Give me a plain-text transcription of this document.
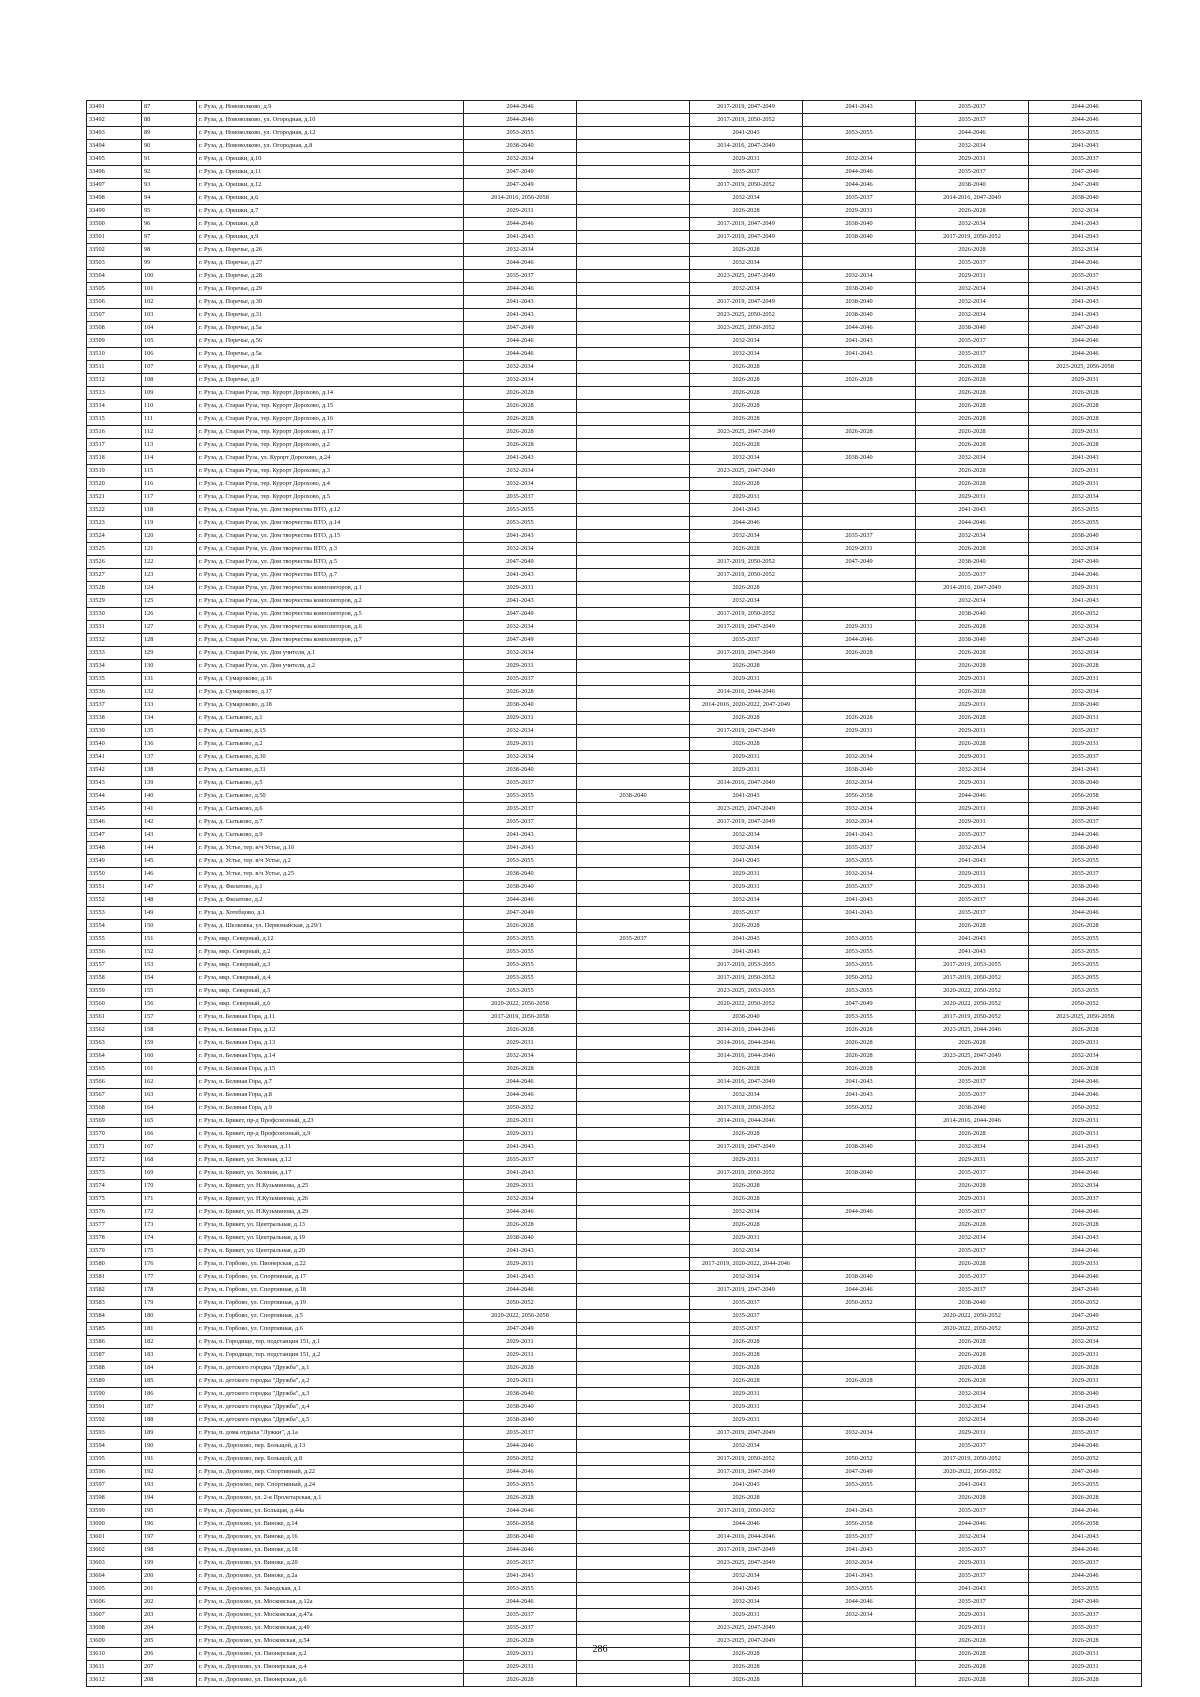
33491	87	г. Руза, д. Нововолково, д.9	2044-2046		2017-2019, 2047-2049	2041-2043	2035-2037	2044-2046
33492	88	г. Руза, д. Нововолково, ул. Огородная, д.10	2044-2046		2017-2019, 2050-2052		2035-2037	2044-2046
33493	89	г. Руза, д. Нововолково, ул. Огородная, д.12	2053-2055		2041-2043	2053-2055	2044-2046	2053-2055
33494	90	г. Руза, д. Нововолково, ул. Огородная, д.8	2038-2040		2014-2016, 2047-2049		2032-2034	2041-2043
33495	91	г. Руза, д. Орешки, д.10	2032-2034		2029-2031	2032-2034	2029-2031	2035-2037
33496	92	г. Руза, д. Орешки, д.11	2047-2049		2035-2037	2044-2046	2035-2037	2047-2049
33497	93	г. Руза, д. Орешки, д.12	2047-2049		2017-2019, 2050-2052	2044-2046	2038-2040	2047-2049
33498	94	г. Руза, д. Орешки, д.6	2014-2016, 2056-2058		2032-2034	2035-2037	2014-2016, 2047-2049	2038-2040
33499	95	г. Руза, д. Орешки, д.7	2029-2031		2026-2028	2029-2031	2026-2028	2032-2034
33500	96	г. Руза, д. Орешки, д.8	2044-2046		2017-2019, 2047-2049	2038-2040	2032-2034	2041-2043
33501	97	г. Руза, д. Орешки, д.9	2041-2043		2017-2019, 2047-2049	2038-2040	2017-2019, 2050-2052	2041-2043
33502	98	г. Руза, д. Поречье, д.26	2032-2034		2026-2028		2026-2028	2032-2034
33503	99	г. Руза, д. Поречье, д.27	2044-2046		2032-2034		2035-2037	2044-2046
33504	100	г. Руза, д. Поречье, д.28	2035-2037		2023-2025, 2047-2049	2032-2034	2029-2031	2035-2037
33505	101	г. Руза, д. Поречье, д.29	2044-2046		2032-2034	2038-2040	2032-2034	2041-2043
33506	102	г. Руза, д. Поречье, д.30	2041-2043		2017-2019, 2047-2049	2038-2040	2032-2034	2041-2043
33507	103	г. Руза, д. Поречье, д.31	2041-2043		2023-2025, 2050-2052	2038-2040	2032-2034	2041-2043
33508	104	г. Руза, д. Поречье, д.5а	2047-2049		2023-2025, 2050-2052	2044-2046	2038-2040	2047-2049
33509	105	г. Руза, д. Поречье, д.56	2044-2046		2032-2034	2041-2043	2035-2037	2044-2046
33510	106	г. Руза, д. Поречье, д.5а	2044-2046		2032-2034	2041-2043	2035-2037	2044-2046
33511	107	г. Руза, д. Поречье, д.8	2032-2034		2026-2028		2026-2028	2023-2025, 2056-2058
33512	108	г. Руза, д. Поречье, д.9	2032-2034		2026-2028	2026-2028	2026-2028	2029-2031
33513	109	г. Руза, д. Старая Руза, тер. Курорт Дорохово, д.14	2026-2028		2026-2028		2026-2028	2026-2028
33514	110	г. Руза, д. Старая Руза, тер. Курорт Дорохово, д.15	2026-2028		2026-2028		2026-2028	2026-2028
33515	111	г. Руза, д. Старая Руза, тер. Курорт Дорохово, д.16	2026-2028		2026-2028		2026-2028	2026-2028
33516	112	г. Руза, д. Старая Руза, тер. Курорт Дорохово, д.17	2026-2028		2023-2025, 2047-2049	2026-2028	2026-2028	2029-2031
33517	113	г. Руза, д. Старая Руза, тер. Курорт Дорохово, д.2	2026-2028		2026-2028		2026-2028	2026-2028
33518	114	г. Руза, д. Старая Руза, ул. Курорт Дорохово, д.24	2041-2043		2032-2034	2038-2040	2032-2034	2041-2043
33519	115	г. Руза, д. Старая Руза, тер. Курорт Дорохово, д.3	2032-2034		2023-2025, 2047-2049		2026-2028	2029-2031
33520	116	г. Руза, д. Старая Руза, тер. Курорт Дорохово, д.4	2032-2034		2026-2028		2026-2028	2029-2031
33521	117	г. Руза, д. Старая Руза, тер. Курорт Дорохово, д.5	2035-2037		2029-2031		2029-2031	2032-2034
33522	118	г. Руза, д. Старая Руза, ул. Дом творчества ВТО, д.12	2053-2055		2041-2043		2041-2043	2053-2055
33523	119	г. Руза, д. Старая Руза, ул. Дом творчества ВТО, д.14	2053-2055		2044-2046		2044-2046	2053-2055
33524	120	г. Руза, д. Старая Руза, ул. Дом творчества ВТО, д.15	2041-2043		2032-2034	2035-2037	2032-2034	2038-2040
33525	121	г. Руза, д. Старая Руза, ул. Дом творчества ВТО, д.3	2032-2034		2026-2028	2029-2031	2026-2028	2032-2034
33526	122	г. Руза, д. Старая Руза, ул. Дом творчества ВТО, д.5	2047-2049		2017-2019, 2050-2052	2047-2049	2038-2040	2047-2049
33527	123	г. Руза, д. Старая Руза, ул. Дом творчества ВТО, д.7	2041-2043		2017-2019, 2050-2052		2035-2037	2044-2046
33528	124	г. Руза, д. Старая Руза, ул. Дом творчества композиторов, д.1	2029-2031		2026-2028		2014-2016, 2047-2049	2029-2031
33529	125	г. Руза, д. Старая Руза, ул. Дом творчества композиторов, д.2	2041-2043		2032-2034		2032-2034	2041-2043
33530	126	г. Руза, д. Старая Руза, ул. Дом творчества композиторов, д.5	2047-2049		2017-2019, 2050-2052		2038-2040	2050-2052
33531	127	г. Руза, д. Старая Руза, ул. Дом творчества композиторов, д.6	2032-2034		2017-2019, 2047-2049	2029-2031	2026-2028	2032-2034
33532	128	г. Руза, д. Старая Руза, ул. Дом творчества композиторов, д.7	2047-2049		2035-2037	2044-2046	2038-2040	2047-2049
33533	129	г. Руза, д. Старая Руза, ул. Дом учителя, д.1	2032-2034		2017-2019, 2047-2049	2026-2028	2026-2028	2032-2034
33534	130	г. Руза, д. Старая Руза, ул. Дом учителя, д.2	2029-2031		2026-2028		2026-2028	2026-2028
33535	131	г. Руза, д. Сумароково, д.16	2035-2037		2029-2031		2029-2031	2029-2031
33536	132	г. Руза, д. Сумароково, д.17	2026-2028		2014-2016, 2044-2046		2026-2028	2032-2034
33537	133	г. Руза, д. Сумароково, д.18	2038-2040		2014-2016, 2020-2022, 2047-2049		2029-2031	2038-2040
33538	134	г. Руза, д. Сытьково, д.1	2029-2031		2026-2028	2026-2028	2026-2028	2029-2031
33539	135	г. Руза, д. Сытьково, д.15	2032-2034		2017-2019, 2047-2049	2029-2031	2029-2031	2035-2037
33540	136	г. Руза, д. Сытьково, д.2	2029-2031		2026-2028		2026-2028	2029-2031
33541	137	г. Руза, д. Сытьково, д.30	2032-2034		2029-2031	2032-2034	2029-2031	2035-2037
33542	138	г. Руза, д. Сытьково, д.31	2038-2040		2029-2031	2038-2040	2032-2034	2041-2043
33543	139	г. Руза, д. Сытьково, д.5	2035-2037		2014-2016, 2047-2049	2032-2034	2029-2031	2038-2040
33544	140	г. Руза, д. Сытьково, д.50	2053-2055	2038-2040	2041-2043	2056-2058	2044-2046	2056-2058
33545	141	г. Руза, д. Сытьково, д.6	2035-2037		2023-2025, 2047-2049	2032-2034	2029-2031	2038-2040
33546	142	г. Руза, д. Сытьково, д.7	2035-2037		2017-2019, 2047-2049	2032-2034	2029-2031	2035-2037
33547	143	г. Руза, д. Сытьково, д.9	2041-2043		2032-2034	2041-2043	2035-2037	2044-2046
33548	144	г. Руза, д. Устье, тер. в/ч Устье, д.10	2041-2043		2032-2034	2035-2037	2032-2034	2038-2040
33549	145	г. Руза, д. Устье, тер. в/ч Устье, д.2	2053-2055		2041-2043	2053-2055	2041-2043	2053-2055
33550	146	г. Руза, д. Устье, тер. в/ч Устье, д.25	2038-2040		2029-2031	2032-2034	2029-2031	2035-2037
33551	147	г. Руза, д. Филатово, д.1	2038-2040		2029-2031	2035-2037	2029-2031	2038-2040
33552	148	г. Руза, д. Филатово, д.2	2044-2046		2032-2034	2041-2043	2035-2037	2044-2046
33553	149	г. Руза, д. Хотебцово, д.1	2047-2049		2035-2037	2041-2043	2035-2037	2044-2046
33554	150	г. Руза, д. Шелковка, ул. Первомайская, д.29/1	2026-2028		2026-2028		2026-2028	2026-2028
33555	151	г. Руза, мкр. Северный, д.12	2053-2055	2035-2037	2041-2043	2053-2055	2041-2043	2053-2055
33556	152	г. Руза, мкр. Северный, д.2	2053-2055		2041-2043	2053-2055	2041-2043	2053-2055
33557	153	г. Руза, мкр. Северный, д.3	2053-2055		2017-2019, 2053-2055	2053-2055	2017-2019, 2053-2055	2053-2055
33558	154	г. Руза, мкр. Северный, д.4	2053-2055		2017-2019, 2050-2052	2050-2052	2017-2019, 2050-2052	2053-2055
33559	155	г. Руза, мкр. Северный, д.5	2053-2055		2023-2025, 2053-2055	2053-2055	2020-2022, 2050-2052	2053-2055
33560	156	г. Руза, мкр. Северный, д.6	2020-2022, 2056-2058		2020-2022, 2050-2052	2047-2049	2020-2022, 2050-2052	2050-2052
33561	157	г. Руза, п. Беляная Гора, д.11	2017-2019, 2056-2058		2038-2040	2053-2055	2017-2019, 2050-2052	2023-2025, 2056-2058
33562	158	г. Руза, п. Беляная Гора, д.12	2026-2028		2014-2016, 2044-2046	2026-2028	2023-2025, 2044-2046	2026-2028
33563	159	г. Руза, п. Беляная Гора, д.13	2029-2031		2014-2016, 2044-2046	2026-2028	2026-2028	2029-2031
33564	160	г. Руза, п. Беляная Гора, д.14	2032-2034		2014-2016, 2044-2046	2026-2028	2023-2025, 2047-2049	2032-2034
33565	161	г. Руза, п. Беляная Гора, д.15	2026-2028		2026-2028	2026-2028	2026-2028	2026-2028
33566	162	г. Руза, п. Беляная Гора, д.7	2044-2046		2014-2016, 2047-2049	2041-2043	2035-2037	2044-2046
33567	163	г. Руза, п. Беляная Гора, д.8	2044-2046		2032-2034	2041-2043	2035-2037	2044-2046
33568	164	г. Руза, п. Беляная Гора, д.9	2050-2052		2017-2019, 2050-2052	2050-2052	2038-2040	2050-2052
33569	165	г. Руза, п. Брикет, пр-д Профсоюзный, д.23	2029-2031		2014-2016, 2044-2046		2014-2016, 2044-2046	2029-2031
33570	166	г. Руза, п. Брикет, пр-д Профсоюзный, д.9	2029-2031		2026-2028		2026-2028	2029-2031
33571	167	г. Руза, п. Брикет, ул. Зеленая, д.11	2041-2043		2017-2019, 2047-2049	2038-2040	2032-2034	2041-2043
33572	168	г. Руза, п. Брикет, ул. Зеленая, д.12	2035-2037		2029-2031		2029-2031	2035-2037
33573	169	г. Руза, п. Брикет, ул. Зеленая, д.17	2041-2043		2017-2019, 2050-2052	2038-2040	2035-2037	2044-2046
33574	170	г. Руза, п. Брикет, ул. Н.Кузьминова, д.25	2029-2031		2026-2028		2026-2028	2032-2034
33575	171	г. Руза, п. Брикет, ул. Н.Кузьминова, д.26	2032-2034		2026-2028		2029-2031	2035-2037
33576	172	г. Руза, п. Брикет, ул. Н.Кузьминова, д.29	2044-2046		2032-2034	2044-2046	2035-2037	2044-2046
33577	173	г. Руза, п. Брикет, ул. Центральная, д.13	2026-2028		2026-2028		2026-2028	2026-2028
33578	174	г. Руза, п. Брикет, ул. Центральная, д.19	2038-2040		2029-2031		2032-2034	2041-2043
33579	175	г. Руза, п. Брикет, ул. Центральная, д.20	2041-2043		2032-2034		2035-2037	2044-2046
33580	176	г. Руза, п. Горбово, ул. Пионерская, д.22	2029-2031		2017-2019, 2020-2022, 2044-2046		2026-2028	2029-2031
33581	177	г. Руза, п. Горбово, ул. Спортивная, д.17	2041-2043		2032-2034	2038-2040	2035-2037	2044-2046
33582	178	г. Руза, п. Горбово, ул. Спортивная, д.18	2044-2046		2017-2019, 2047-2049	2044-2046	2035-2037	2047-2049
33583	179	г. Руза, п. Горбово, ул. Спортивная, д.19	2050-2052		2035-2037	2050-2052	2038-2040	2050-2052
33584	180	г. Руза, п. Горбово, ул. Спортивная, д.5	2020-2022, 2056-2058		2035-2037		2020-2022, 2050-2052	2047-2049
33585	181	г. Руза, п. Горбово, ул. Спортивная, д.6	2047-2049		2035-2037		2020-2022, 2050-2052	2050-2052
33586	182	г. Руза, п. Городище, тер. подстанция 151, д.1	2029-2031		2026-2028		2026-2028	2032-2034
33587	183	г. Руза, п. Городище, тер. подстанция 151, д.2	2029-2031		2026-2028		2026-2028	2029-2031
33588	184	г. Руза, п. детского городка "Дружба", д.1	2026-2028		2026-2028		2026-2028	2026-2028
33589	185	г. Руза, п. детского городка "Дружба", д.2	2029-2031		2026-2028	2026-2028	2026-2028	2029-2031
33590	186	г. Руза, п. детского городка "Дружба", д.3	2038-2040		2029-2031		2032-2034	2038-2040
33591	187	г. Руза, п. детского городка "Дружба", д.4	2038-2040		2029-2031		2032-2034	2041-2043
33592	188	г. Руза, п. детского городка "Дружба", д.5	2038-2040		2029-2031		2032-2034	2038-2040
33593	189	г. Руза, п. дома отдыха "Лужки", д.1а	2035-2037		2017-2019, 2047-2049	2032-2034	2029-2031	2035-2037
33594	190	г. Руза, п. Дорохово, пер. Больщой, д.13	2044-2046		2032-2034		2035-2037	2044-2046
33595	191	г. Руза, п. Дорохово, пер. Больщой, д.8	2050-2052		2017-2019, 2050-2052	2050-2052	2017-2019, 2050-2052	2050-2052
33596	192	г. Руза, п. Дорохово, пер. Спортивный, д.22	2044-2046		2017-2019, 2047-2049	2047-2049	2020-2022, 2050-2052	2047-2049
33597	193	г. Руза, п. Дорохово, пер. Спортивный, д.24	2053-2055		2041-2043	2053-2055	2041-2043	2053-2055
33598	194	г. Руза, п. Дорохово, ул. 2-я Пролетарская, д.1	2026-2028		2026-2028		2026-2028	2026-2028
33599	195	г. Руза, п. Дорохово, ул. Больщая, д.44а	2044-2046		2017-2019, 2050-2052	2041-2043	2035-2037	2044-2046
33600	196	г. Руза, п. Дорохово, ул. Виноке, д.14	2056-2058		2044-2046	2056-2058	2044-2046	2056-2058
33601	197	г. Руза, п. Дорохово, ул. Виноке, д.16	2038-2040		2014-2016, 2044-2046	2035-2037	2032-2034	2041-2043
33602	198	г. Руза, п. Дорохово, ул. Виноке, д.18	2044-2046		2017-2019, 2047-2049	2041-2043	2035-2037	2044-2046
33603	199	г. Руза, п. Дорохово, ул. Виноке, д.20	2035-2037		2023-2025, 2047-2049	2032-2034	2029-2031	2035-2037
33604	200	г. Руза, п. Дорохово, ул. Виноке, д.2а	2041-2043		2032-2034	2041-2043	2035-2037	2044-2046
33605	201	г. Руза, п. Дорохово, ул. Заводская, д.1	2053-2055		2041-2043	2053-2055	2041-2043	2053-2055
33606	202	г. Руза, п. Дорохово, ул. Московская, д.12а	2044-2046		2032-2034	2044-2046	2035-2037	2047-2049
33607	203	г. Руза, п. Дорохово, ул. Московская, д.47а	2035-2037		2029-2031	2032-2034	2029-2031	2035-2037
33608	204	г. Руза, п. Дорохово, ул. Московская, д.49	2035-2037		2023-2025, 2047-2049		2029-2031	2035-2037
33609	205	г. Руза, п. Дорохово, ул. Московская, д.54	2026-2028		2023-2025, 2047-2049		2026-2028	2026-2028
33610	206	г. Руза, п. Дорохово, ул. Пионерская, д.2	2029-2031		2026-2028		2026-2028	2029-2031
33611	207	г. Руза, п. Дорохово, ул. Пионерская, д.4	2029-2031		2026-2028		2026-2028	2029-2031
33612	208	г. Руза, п. Дорохово, ул. Пионерская, д.6	2026-2028		2026-2028		2026-2028	2026-2028
286
